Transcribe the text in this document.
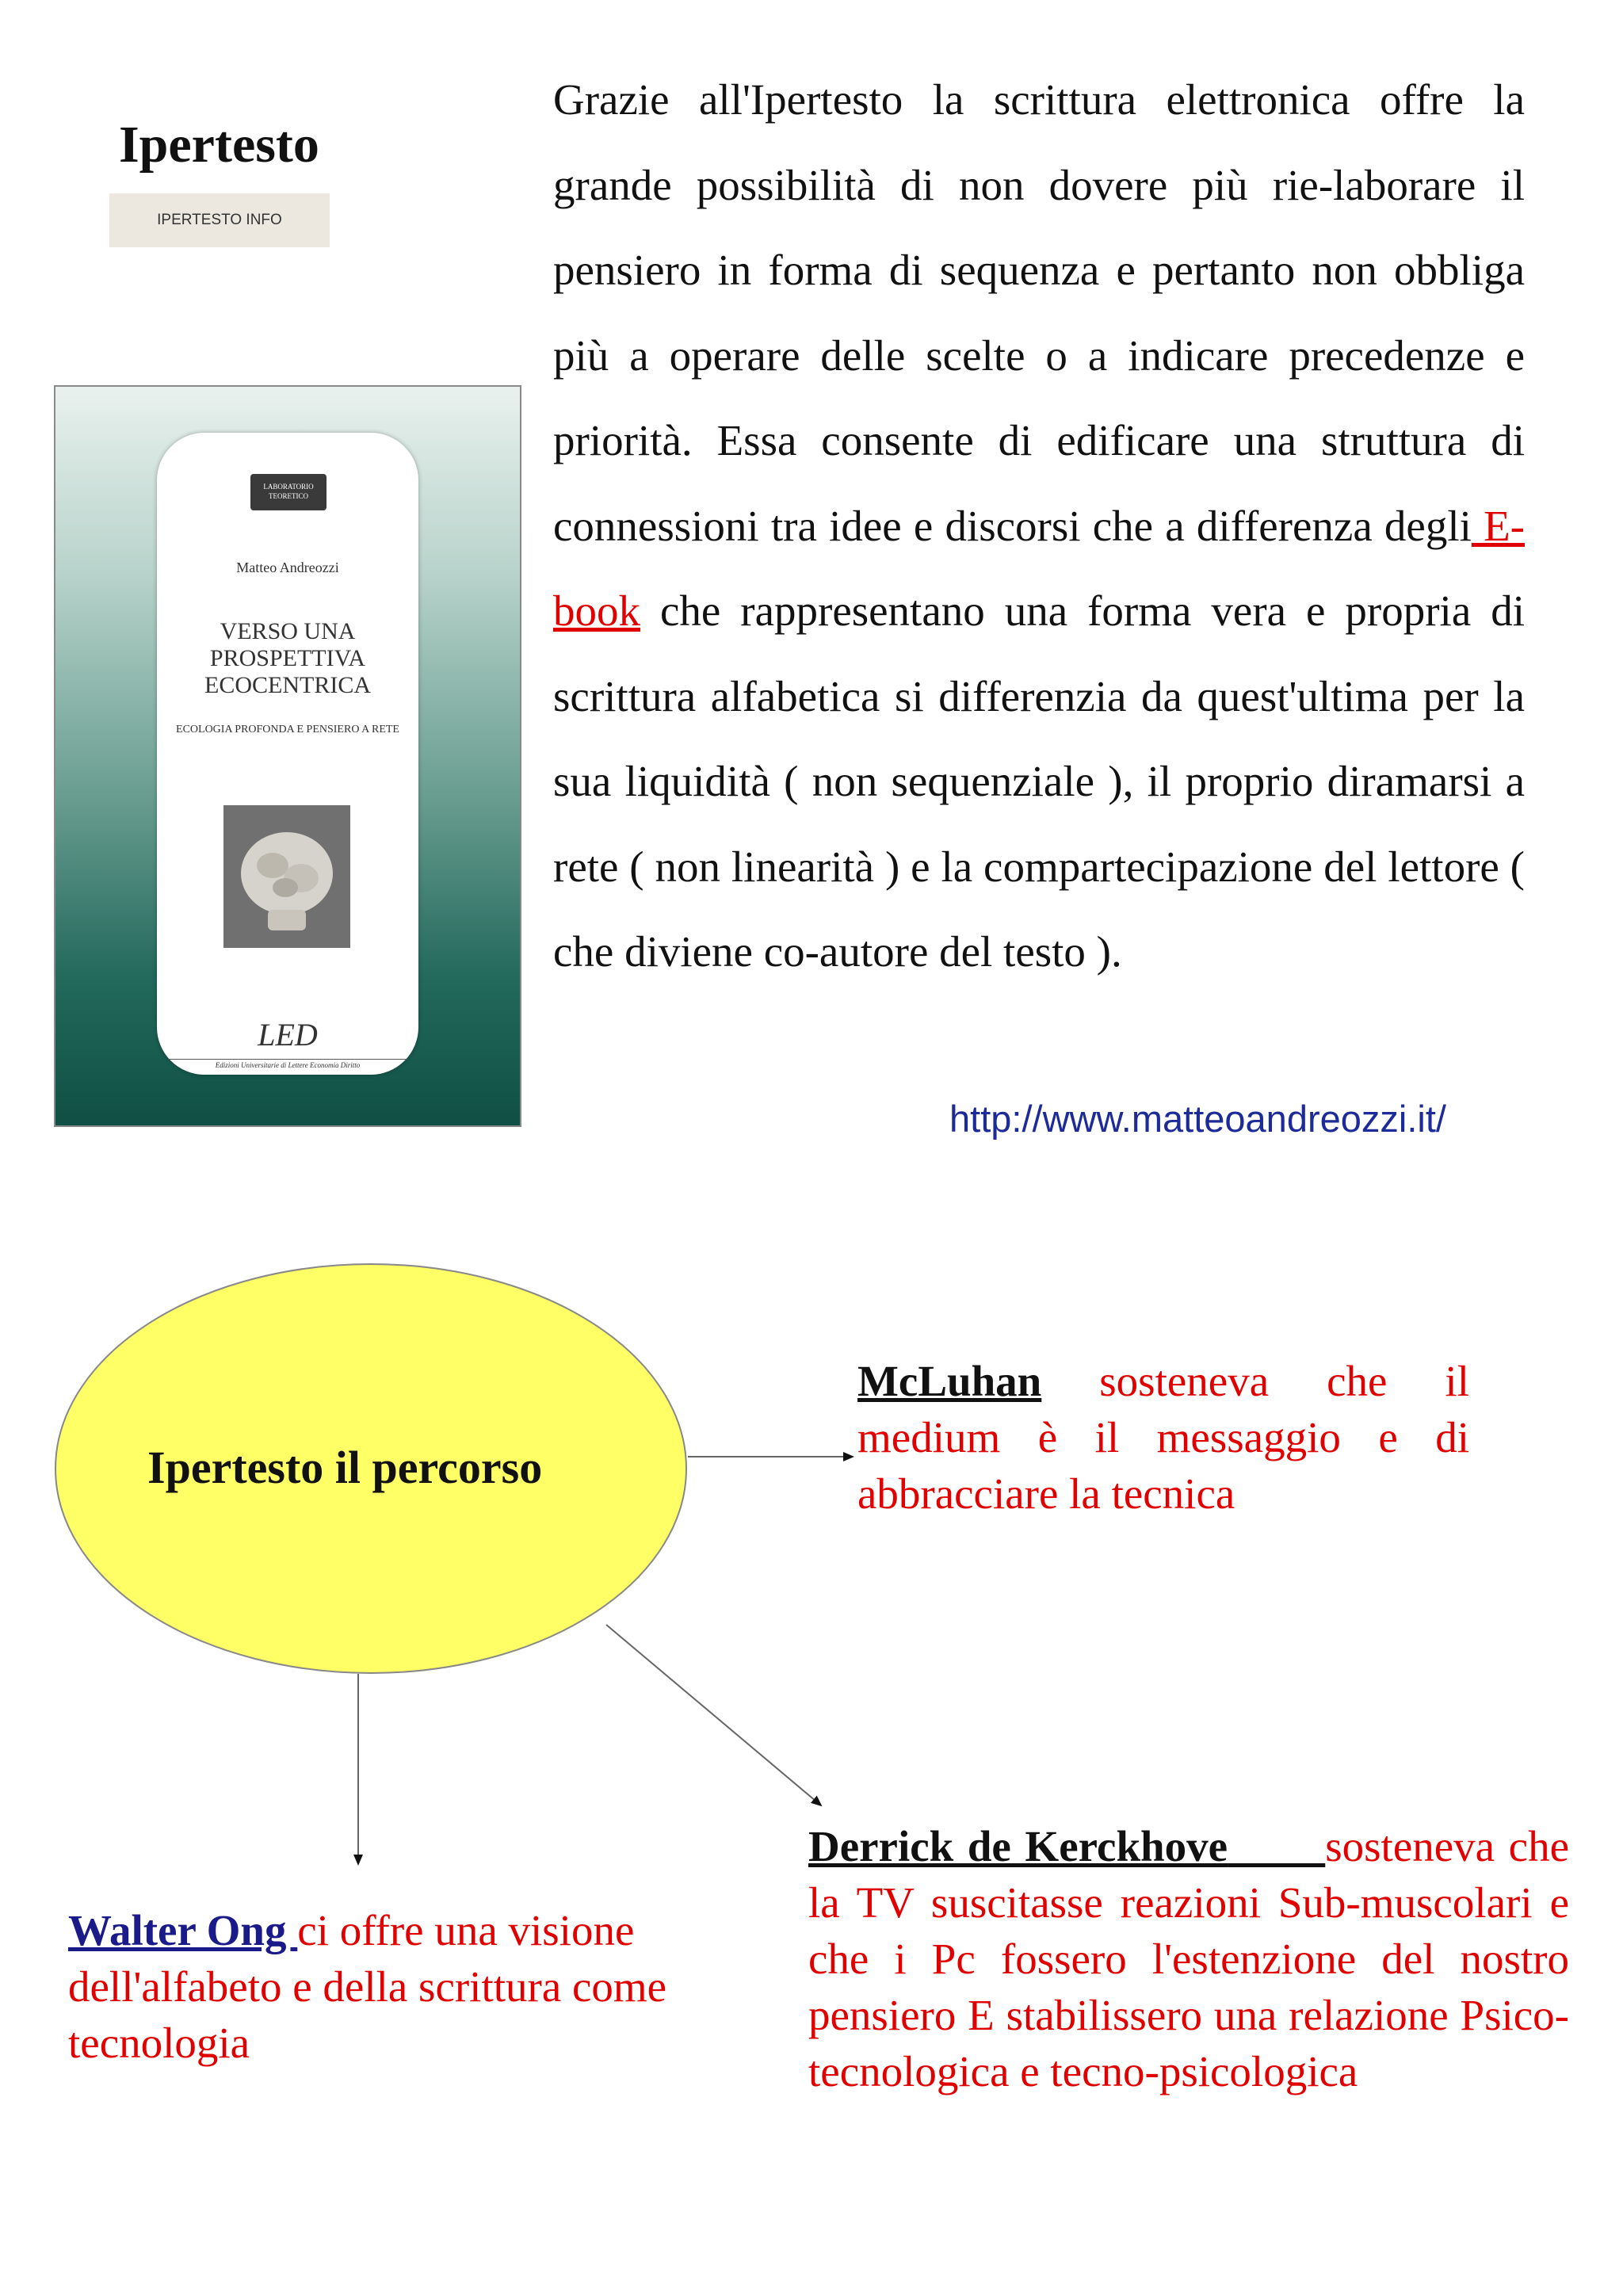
Ipertesto
IPERTESTO INFO
LABORATORIO TEORETICO
Matteo Andreozzi
VERSO UNA PROSPETTIVA ECOCENTRICA
ECOLOGIA PROFONDA E PENSIERO A RETE
LED
Edizioni Universitarie di Lettere Economia Diritto
Grazie all'Ipertesto la scrittura elettronica offre la grande possibilità di non dovere più rie-laborare il pensiero in forma di sequenza e pertanto non obbliga più a operare delle scelte o a indicare precedenze e priorità. Essa consente di edificare una struttura di connessioni tra idee e discorsi che a differenza degli E-book che rappresentano una forma vera e propria di scrittura alfabetica si differenzia da quest'ultima per la sua liquidità ( non sequenziale ), il proprio diramarsi a rete ( non linearità ) e la compartecipazione del lettore ( che diviene co-autore del testo ).
http://www.matteoandreozzi.it/
Ipertesto il percorso
McLuhan sosteneva che il medium è il messaggio e di abbracciare la tecnica
Walter Ong ci offre una visione dell'alfabeto e della scrittura come tecnologia
Derrick de Kerckhove sosteneva che la TV suscitasse reazioni Sub-muscolari e che i Pc fossero l'estenzione del nostro pensiero E stabilissero una relazione Psico-tecnologica e tecno-psicologica
